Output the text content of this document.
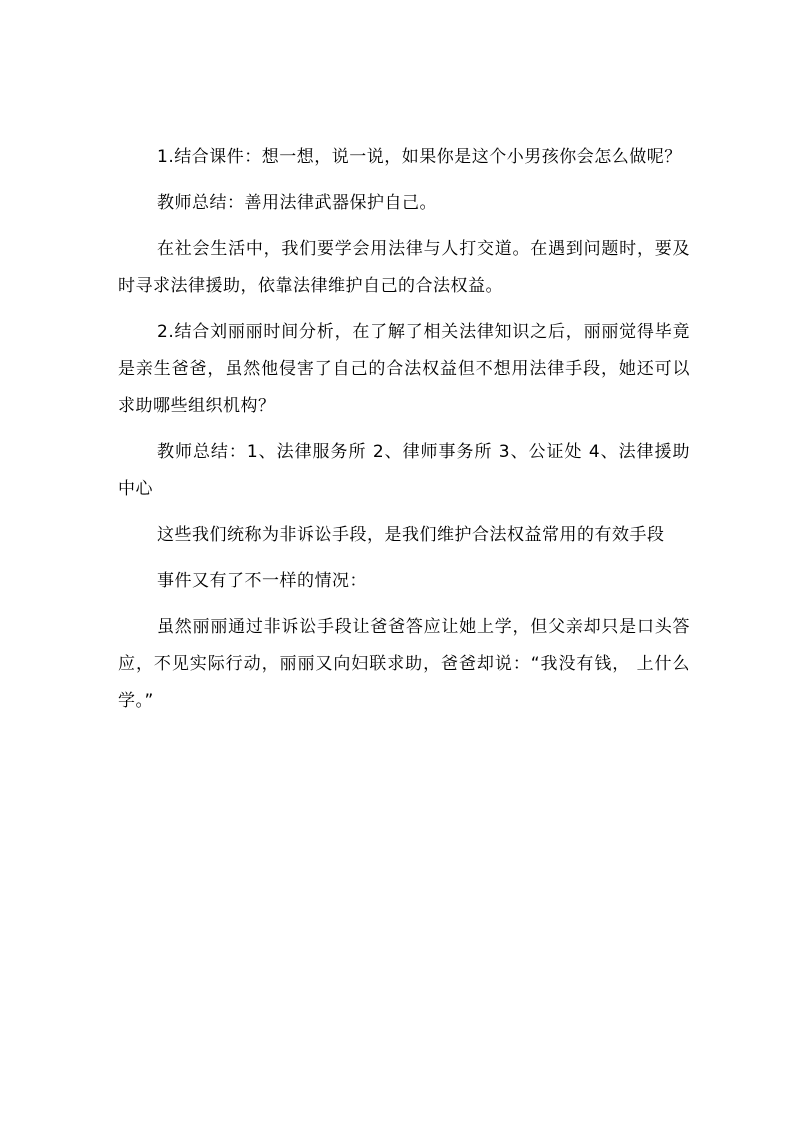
1.结合课件：想一想，说一说，如果你是这个小男孩你会怎么做呢？

教师总结：善用法律武器保护自己。

在社会生活中，我们要学会用法律与人打交道。在遇到问题时，要及时寻求法律援助，依靠法律维护自己的合法权益。

2.结合刘丽丽时间分析，在了解了相关法律知识之后，丽丽觉得毕竟是亲生爸爸，虽然他侵害了自己的合法权益但不想用法律手段，她还可以求助哪些组织机构？

教师总结：1、法律服务所 2、律师事务所 3、公证处 4、法律援助中心

这些我们统称为非诉讼手段，是我们维护合法权益常用的有效手段

事件又有了不一样的情况：

虽然丽丽通过非诉讼手段让爸爸答应让她上学，但父亲却只是口头答应，不见实际行动，丽丽又向妇联求助，爸爸却说：“我没有钱， 上什么学。”
